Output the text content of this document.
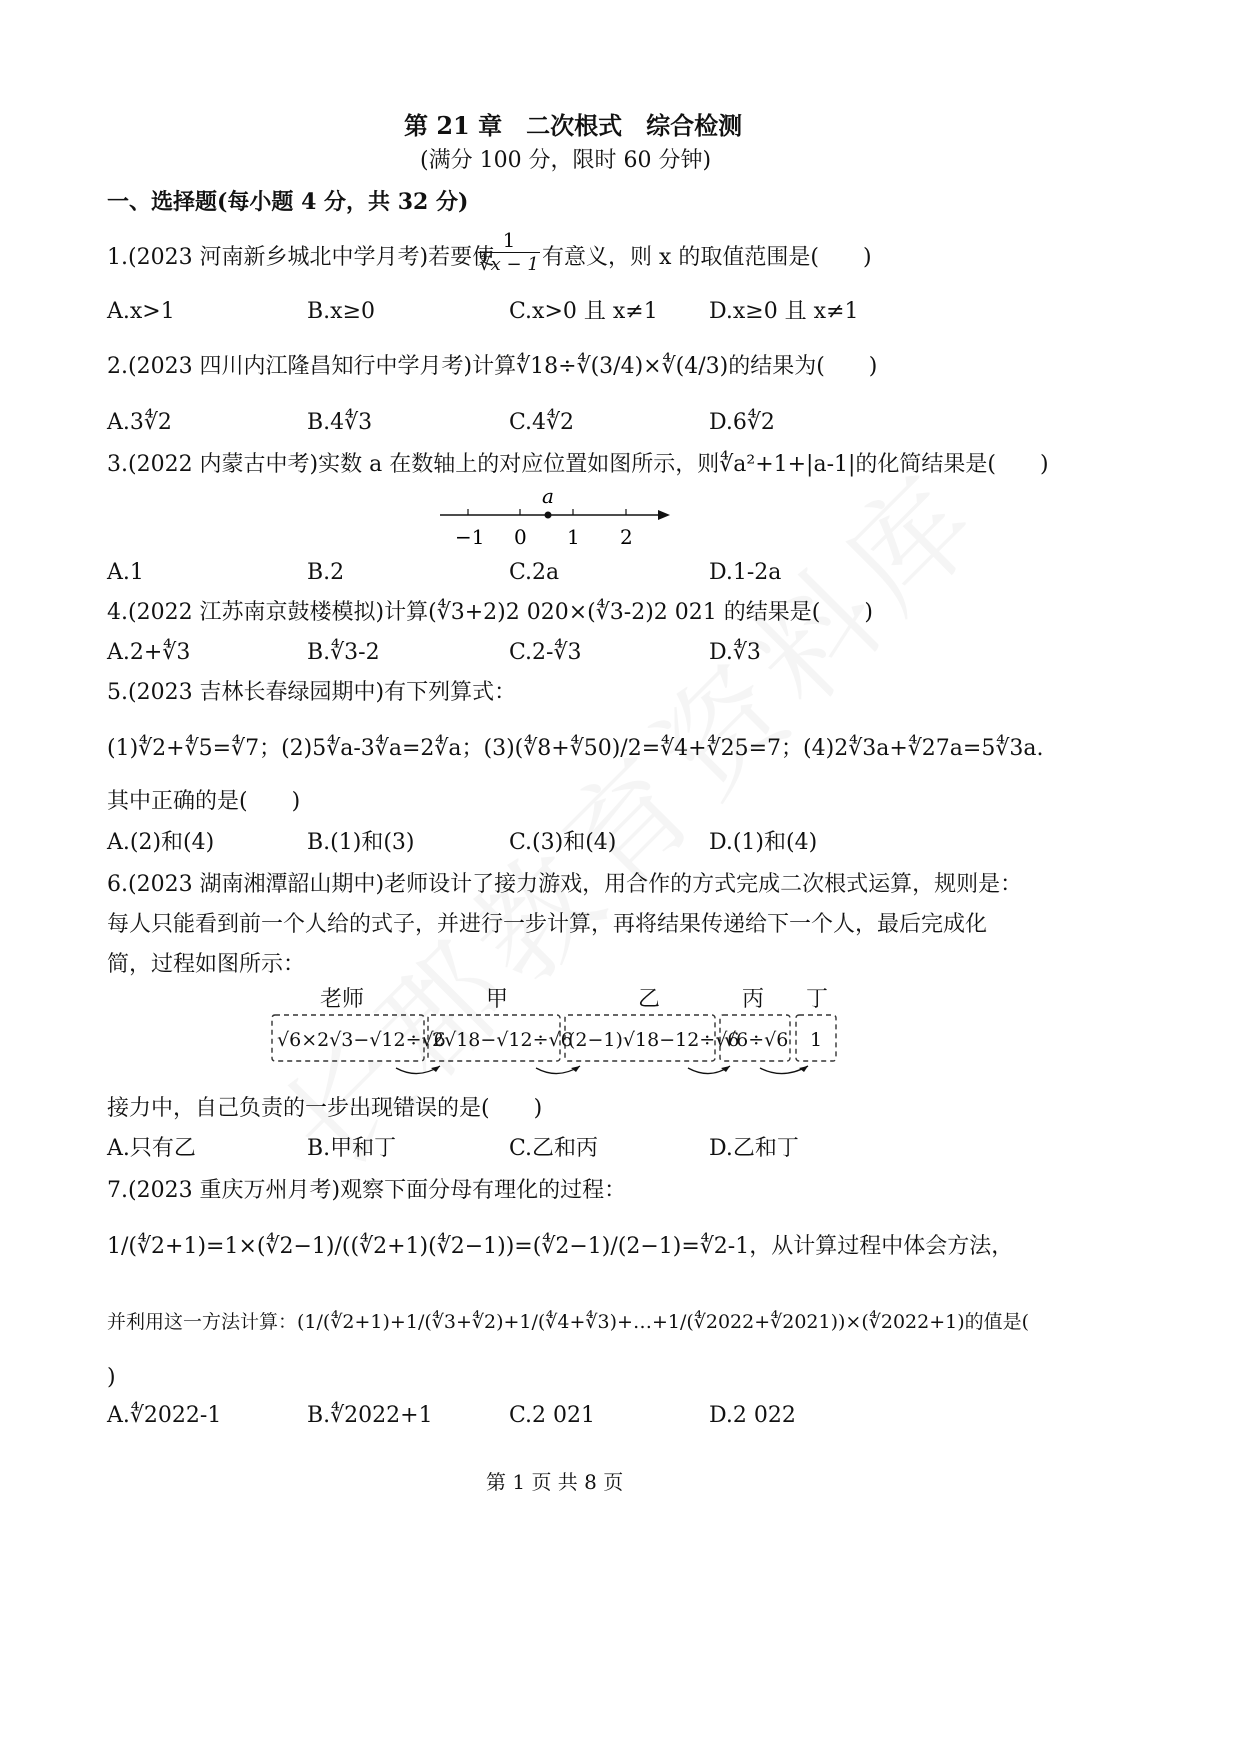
第 21 章　二次根式　综合检测
(满分 100 分，限时 60 分钟)
一、选择题(每小题 4 分，共 32 分)
1.(2023 河南新乡城北中学月考)若要使
1
∜x − 1 有意义，则 x 的取值范围是(　　)
A.x>1	B.x≥0	C.x>0 且 x≠1 D.x≥0 且 x≠1
2.(2023 四川内江隆昌知行中学月考)计算∜18÷∜(3/4)×∜(4/3)的结果为(　　)
A.3∜2	B.4∜3	C.4∜2	D.6∜2
3.(2022 内蒙古中考)实数 a 在数轴上的对应位置如图所示，则∜a²+1+|a-1|的化简结果是(　　)
a
−1 0 1 2
A.1	B.2	C.2a	D.1-2a
4.(2022 江苏南京鼓楼模拟)计算(∜3+2)2 020×(∜3-2)2 021 的结果是(　　)
A.2+∜3	B.∜3-2	C.2-∜3	D.∜3
5.(2023 吉林长春绿园期中)有下列算式：
(1)∜2+∜5=∜7；(2)5∜a-3∜a=2∜a；(3)(∜8+∜50)/2=∜4+∜25=7；(4)2∜3a+∜27a=5∜3a.
其中正确的是(　　)
A.(2)和(4)	B.(1)和(3)	C.(3)和(4)	D.(1)和(4)
6.(2023 湖南湘潭韶山期中)老师设计了接力游戏，用合作的方式完成二次根式运算，规则是：
每人只能看到前一个人给的式子，并进行一步计算，再将结果传递给下一个人，最后完成化
简，过程如图所示：
老师	甲	乙	丙 丁
√6×2√3−√12÷√6
2√18−√12÷√6
(2−1)√18−12÷√6
√6÷√6 1
接力中，自己负责的一步出现错误的是(　　)
A.只有乙	B.甲和丁	C.乙和丙	D.乙和丁
7.(2023 重庆万州月考)观察下面分母有理化的过程：
1/(∜2+1)=1×(∜2−1)/((∜2+1)(∜2−1))=(∜2−1)/(2−1)=∜2-1，从计算过程中体会方法，
并利用这一方法计算：(1/(∜2+1)+1/(∜3+∜2)+1/(∜4+∜3)+…+1/(∜2022+∜2021))×(∜2022+1)的值是(
)
A.∜2022-1	B.∜2022+1	C.2 021	D.2 022
第 1 页 共 8 页
